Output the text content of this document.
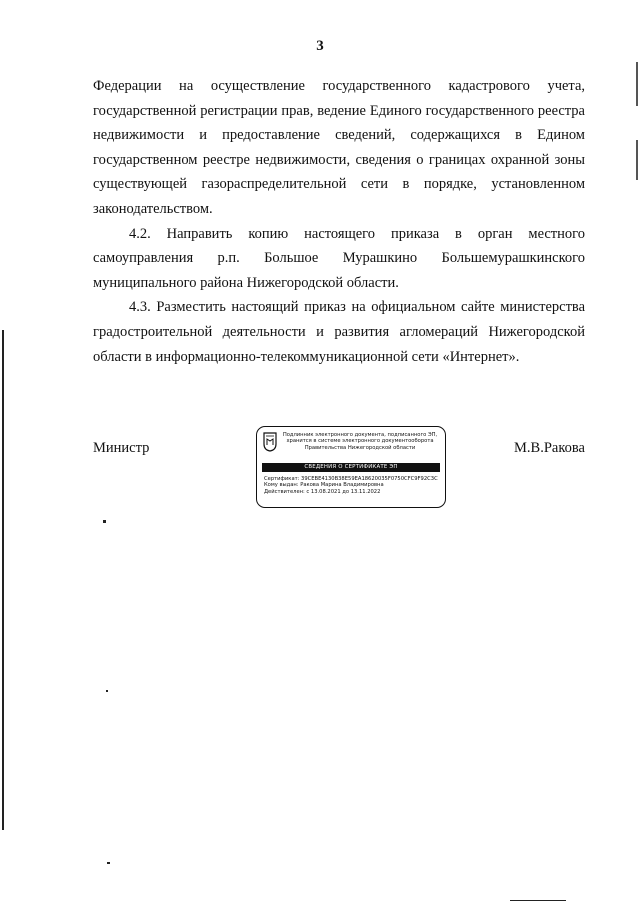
3

Федерации на осуществление государственного кадастрового учета,
государственной регистрации прав, ведение Единого государственного реестра
недвижимости и предоставление сведений, содержащихся в Едином
государственном реестре недвижимости, сведения о границах охранной зоны
существующей газораспределительной сети в порядке, установленном
законодательством.

4.2. Направить копию настоящего приказа в орган местного
самоуправления р.п. Большое Мурашкино Большемурашкинского
муниципального района Нижегородской области.

4.3. Разместить настоящий приказ на официальном сайте министерства
градостроительной деятельности и развития агломераций Нижегородской
области в информационно-телекоммуникационной сети «Интернет».

Министр	М.В.Ракова
Подлинник электронного документа, подписанного ЭП,
хранится в системе электронного документооборота
Правительства Нижегородской области
СВЕДЕНИЯ О СЕРТИФИКАТЕ ЭП
Сертификат: 39CEBE4130B38E59EA18620035F0750CFC9F92C3C
Кому выдан: Ракова Марина Владимировна
Действителен: с 13.08.2021 до 13.11.2022
